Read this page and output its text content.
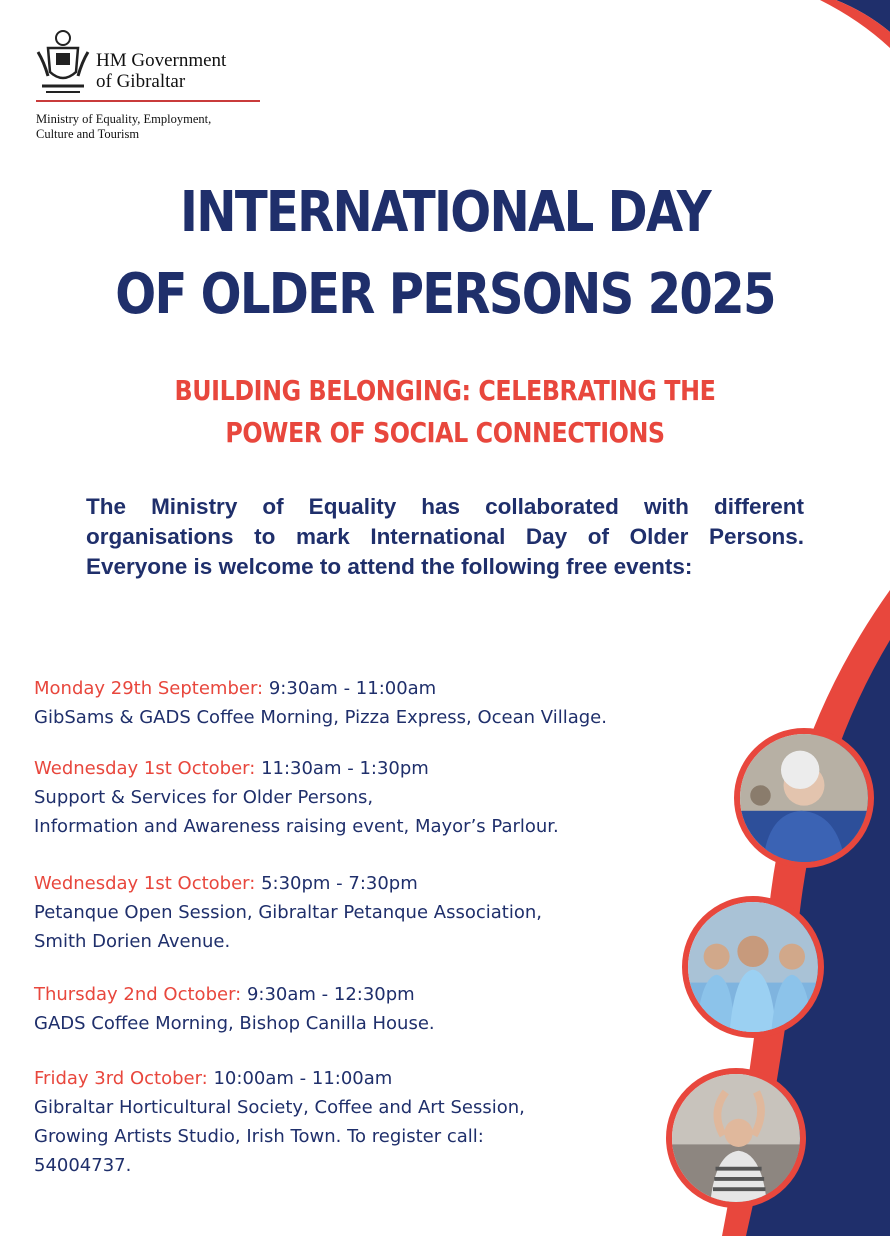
HM Government
of Gibraltar
Ministry of Equality, Employment,
Culture and Tourism
INTERNATIONAL DAY
OF OLDER PERSONS 2025
BUILDING BELONGING: CELEBRATING THE
POWER OF SOCIAL CONNECTIONS
The Ministry of Equality has collaborated with different organisations to mark International Day of Older Persons. Everyone is welcome to attend the following free events:
Monday 29th September: 9:30am - 11:00am
GibSams & GADS Coffee Morning, Pizza Express, Ocean Village.
Wednesday 1st October: 11:30am - 1:30pm
Support & Services for Older Persons,
Information and Awareness raising event, Mayor’s Parlour.
Wednesday 1st October: 5:30pm - 7:30pm
Petanque Open Session, Gibraltar Petanque Association,
Smith Dorien Avenue.
Thursday 2nd October: 9:30am - 12:30pm
GADS Coffee Morning, Bishop Canilla House.
Friday 3rd October: 10:00am - 11:00am
Gibraltar Horticultural Society, Coffee and Art Session,
Growing Artists Studio, Irish Town. To register call:
54004737.
